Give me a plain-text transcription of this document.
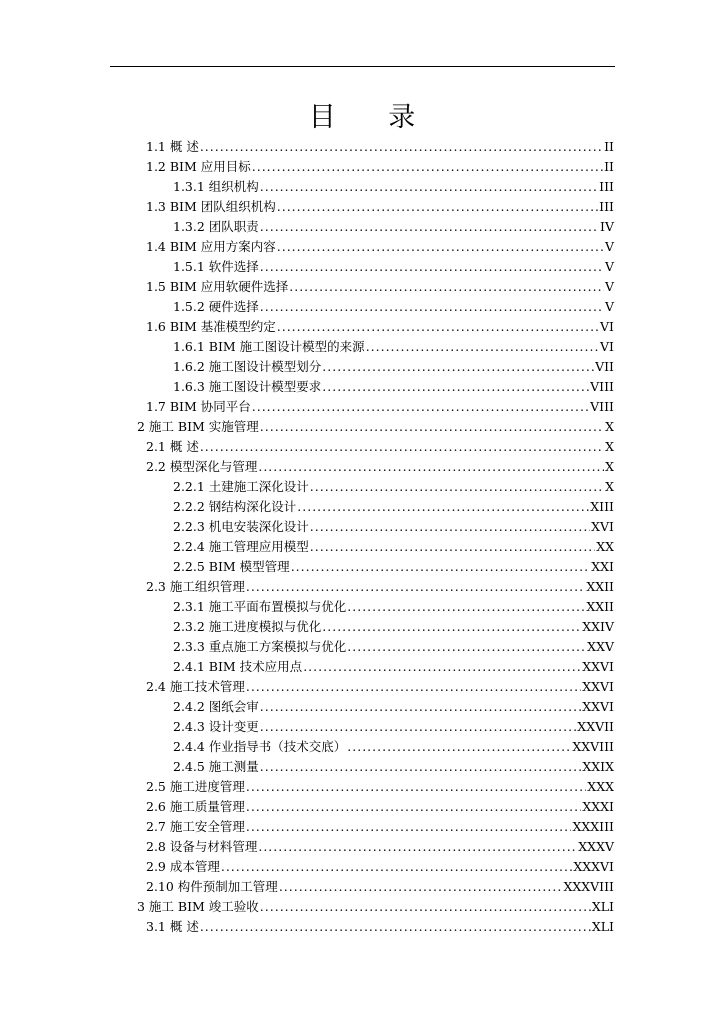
目 录
1.1 概 述 .....	II
1.2 BIM 应用目标 .....	II
1.3.1 组织机构 .....	III
1.3 BIM 团队组织机构 .....	III
1.3.2 团队职责 .....	IV
1.4 BIM 应用方案内容 .....	V
1.5.1 软件选择 .....	V
1.5 BIM 应用软硬件选择 .....	V
1.5.2 硬件选择 .....	V
1.6 BIM 基准模型约定 .....	VI
1.6.1 BIM 施工图设计模型的来源 .....	VI
1.6.2 施工图设计模型划分 .....	VII
1.6.3 施工图设计模型要求 .....	VIII
1.7 BIM 协同平台 .....	VIII
2 施工 BIM 实施管理 .....	X
2.1 概 述 .....	X
2.2 模型深化与管理 .....	X
2.2.1 土建施工深化设计 .....	X
2.2.2 钢结构深化设计 .....	XIII
2.2.3 机电安装深化设计 .....	XVI
2.2.4 施工管理应用模型 .....	XX
2.2.5 BIM 模型管理 .....	XXI
2.3 施工组织管理 .....	XXII
2.3.1 施工平面布置模拟与优化 .....	XXII
2.3.2 施工进度模拟与优化 .....	XXIV
2.3.3 重点施工方案模拟与优化 .....	XXV
2.4.1 BIM 技术应用点 .....	XXVI
2.4 施工技术管理 .....	XXVI
2.4.2 图纸会审 .....	XXVI
2.4.3 设计变更 .....	XXVII
2.4.4 作业指导书（技术交底） .....	XXVIII
2.4.5 施工测量 .....	XXIX
2.5 施工进度管理 .....	XXX
2.6 施工质量管理 .....	XXXI
2.7 施工安全管理 .....	XXXIII
2.8 设备与材料管理 .....	XXXV
2.9 成本管理 .....	XXXVI
2.10 构件预制加工管理 .....	XXXVIII
3 施工 BIM 竣工验收 .....	XLI
3.1 概 述 .....	XLI
